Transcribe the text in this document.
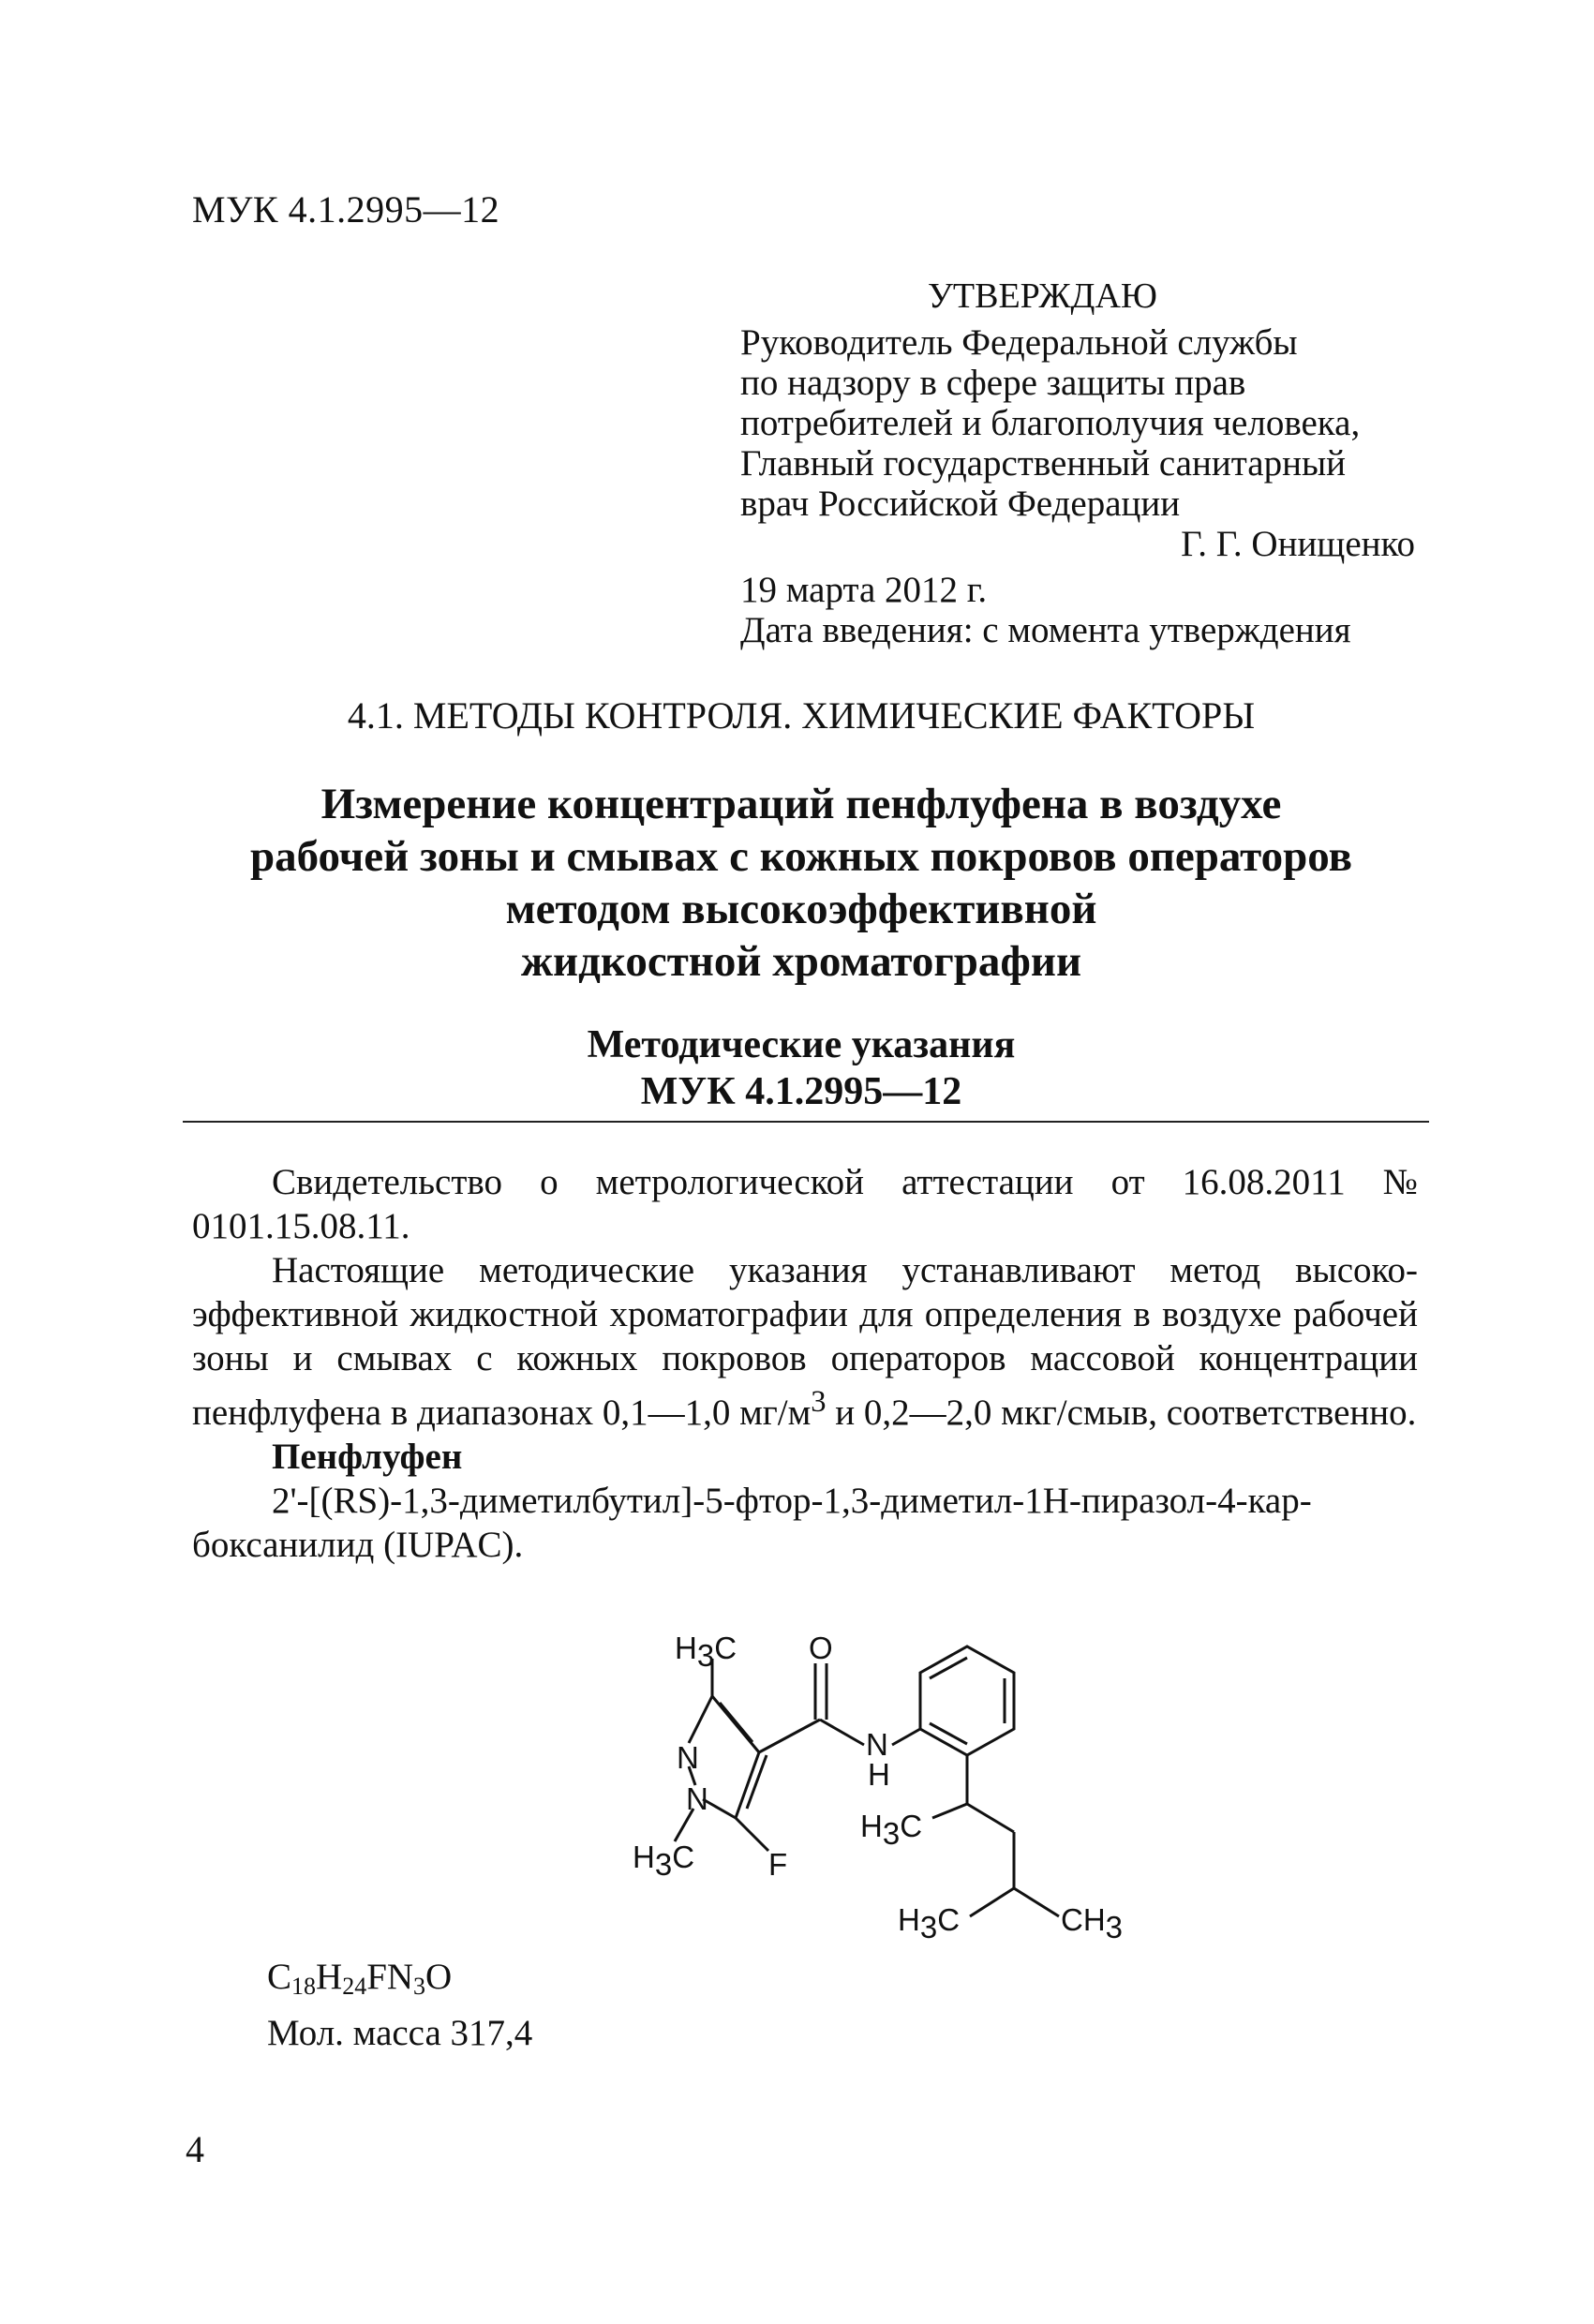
МУК 4.1.2995—12
УТВЕРЖДАЮ
Руководитель Федеральной службы
по надзору в сфере защиты прав
потребителей и благополучия человека,
Главный государственный санитарный
врач Российской Федерации
Г. Г. Онищенко
19 марта 2012 г.
Дата введения: с момента утверждения
4.1. МЕТОДЫ КОНТРОЛЯ. ХИМИЧЕСКИЕ ФАКТОРЫ
Измерение концентраций пенфлуфена в воздухе
рабочей зоны и смывах с кожных покровов операторов
методом высокоэффективной
жидкостной хроматографии
Методические указания
МУК 4.1.2995—12

Свидетельство о метрологической аттестации от 16.08.2011 № 0101.15.08.11.

Настоящие методические указания устанавливают метод высоко-эффективной жидкостной хроматографии для определения в воздухе рабочей зоны и смывах с кожных покровов операторов массовой концентрации пенфлуфена в диапазонах 0,1—1,0 $мг/м^3$ и 0,2—2,0 мкг/смыв, соответственно.

Пенфлуфен

2'-[(RS)-1,3-диметилбутил]-5-фтор-1,3-диметил-1H-пиразол-4-кар-боксанилид (IUPAC).

H3C O
N
H
N
N
F
H3C
H3C
H3C	CH3
$C_{18}H_{24}FN_3O$
Мол. масса 317,4
4
